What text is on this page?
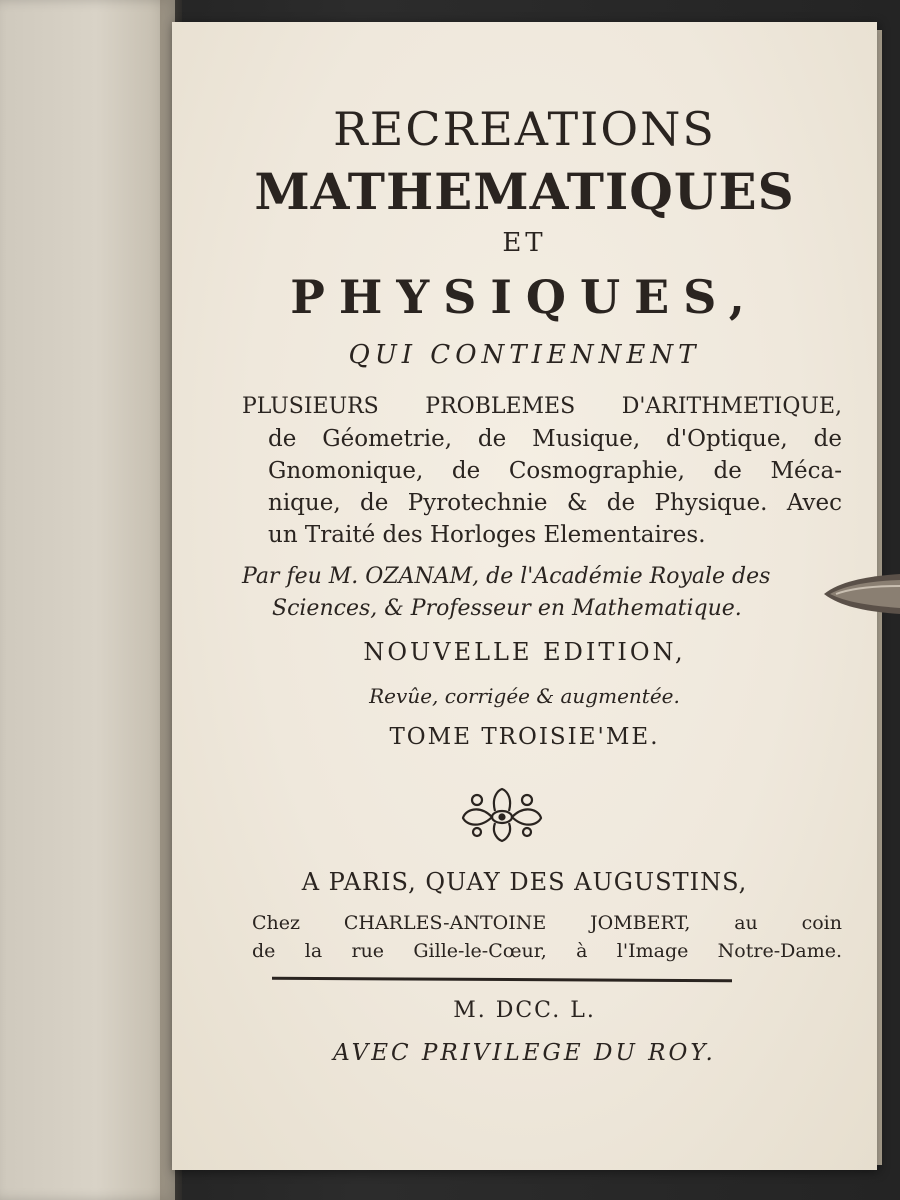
RECREATIONS
MATHEMATIQUES
ET
PHYSIQUES,
QUI CONTIENNENT
PLUSIEURS PROBLEMES D'ARITHMETIQUE,
de Géometrie, de Musique, d'Optique, de
Gnomonique, de Cosmographie, de Méca-
nique, de Pyrotechnie & de Physique. Avec
un Traité des Horloges Elementaires.
Par feu M. OZANAM, de l'Académie Royale des
Sciences, & Professeur en Mathematique.
NOUVELLE EDITION,
Revûe, corrigée & augmentée.
TOME TROISIE'ME.
A PARIS, QUAY DES AUGUSTINS,
Chez CHARLES-ANTOINE JOMBERT, au coin
de la rue Gille-le-Cœur, à l'Image Notre-Dame.
M. DCC. L.
AVEC PRIVILEGE DU ROY.
